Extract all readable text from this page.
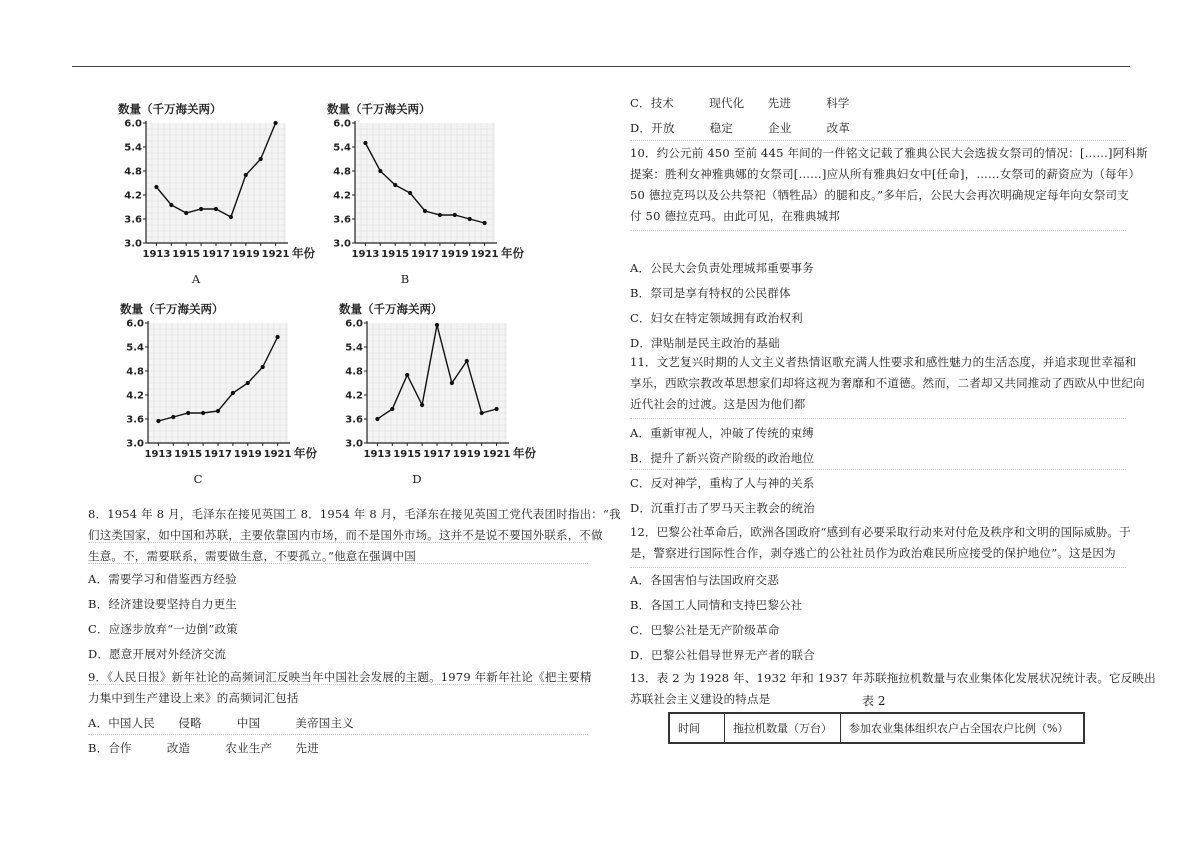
数量（千万海关两）
6.0
5.4
4.8
4.2
3.6
3.0
1913 1915 1917 1919 1921 年份
A
数量（千万海关两）
6.0
5.4
4.8
4.2
3.6
3.0
1913 1915 1917 1919 1921 年份
B
数量（千万海关两）
6.0
5.4
4.8
4.2
3.6
3.0
1913 1915 1917 1919 1921 年份
C
数量（千万海关两）
6.0
5.4
4.8
4.2
3.6
3.0
1913 1915 1917 1919 1921 年份
D
8．1954 年 8 月，毛泽东在接见英国工 8．1954 年 8 月，毛泽东在接见英国工党代表团时指出：“我
们这类国家，如中国和苏联，主要依靠国内市场，而不是国外市场。这并不是说不要国外联系，不做
生意。不，需要联系，需要做生意，不要孤立。”他意在强调中国
A．需要学习和借鉴西方经验
B．经济建设要坚持自力更生
C．应逐步放弃“一边倒”政策
D．愿意开展对外经济交流
9．《人民日报》新年社论的高频词汇反映当年中国社会发展的主题。1979 年新年社论《把主要精
力集中到生产建设上来》的高频词汇包括
A．中国人民　　侵略　　　中国　　　美帝国主义
B．合作　　　改造　　　农业生产　　先进
C．技术　　　现代化　　先进　　　科学
D．开放　　　稳定　　　企业　　　改革
10．约公元前 450 至前 445 年间的一件铭文记载了雅典公民大会选拔女祭司的情况：[……]阿科斯
提案：胜利女神雅典娜的女祭司[……]应从所有雅典妇女中[任命]，……女祭司的薪资应为（每年）
50 德拉克玛以及公共祭祀（牺牲品）的腿和皮。”多年后，公民大会再次明确规定每年向女祭司支
付 50 德拉克玛。由此可见，在雅典城邦
A．公民大会负责处理城邦重要事务
B．祭司是享有特权的公民群体
C．妇女在特定领域拥有政治权利
D．津贴制是民主政治的基础
11．文艺复兴时期的人文主义者热情讴歌充满人性要求和感性魅力的生活态度，并追求现世幸福和
享乐，西欧宗教改革思想家们却将这视为奢靡和不道德。然而，二者却又共同推动了西欧从中世纪向
近代社会的过渡。这是因为他们都
A．重新审视人，冲破了传统的束缚
B．提升了新兴资产阶级的政治地位
C．反对神学，重构了人与神的关系
D．沉重打击了罗马天主教会的统治
12．巴黎公社革命后，欧洲各国政府“感到有必要采取行动来对付危及秩序和文明的国际威胁。于
是，警察进行国际性合作，剥夺逃亡的公社社员作为政治难民所应接受的保护地位”。这是因为
A．各国害怕与法国政府交恶
B．各国工人同情和支持巴黎公社
C．巴黎公社是无产阶级革命
D．巴黎公社倡导世界无产者的联合
13．表 2 为 1928 年、1932 年和 1937 年苏联拖拉机数量与农业集体化发展状况统计表。它反映出
苏联社会主义建设的特点是	表 2
时间	拖拉机数量（万台）	参加农业集体组织农户占全国农户比例（%）
